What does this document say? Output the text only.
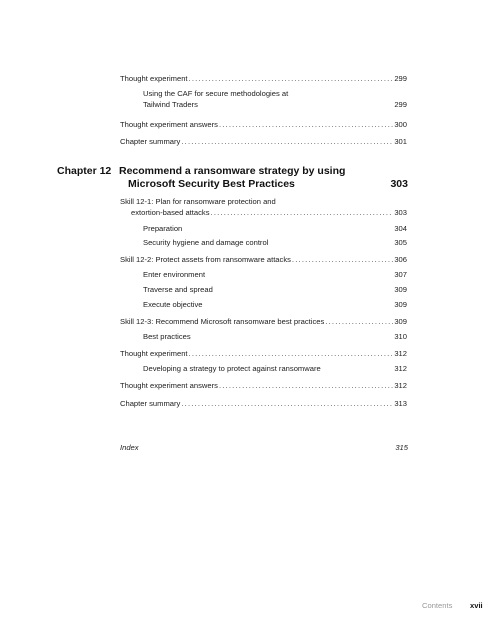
Thought experiment .....	299
Using the CAF for secure methodologies at
Tailwind Traders	299
Thought experiment answers .....	300
Chapter summary .....	301
Chapter 12 Recommend a ransomware strategy by using
Microsoft Security Best Practices	303
Skill 12-1: Plan for ransomware protection and
extortion-based attacks .....	303
Preparation	304
Security hygiene and damage control	305
Skill 12-2: Protect assets from ransomware attacks .....	306
Enter environment	307
Traverse and spread	309
Execute objective	309
Skill 12-3: Recommend Microsoft ransomware best practices .....	309
Best practices	310
Thought experiment .....	312
Developing a strategy to protect against ransomware	312
Thought experiment answers .....	312
Chapter summary .....	313
Index	315
Contents xvii
